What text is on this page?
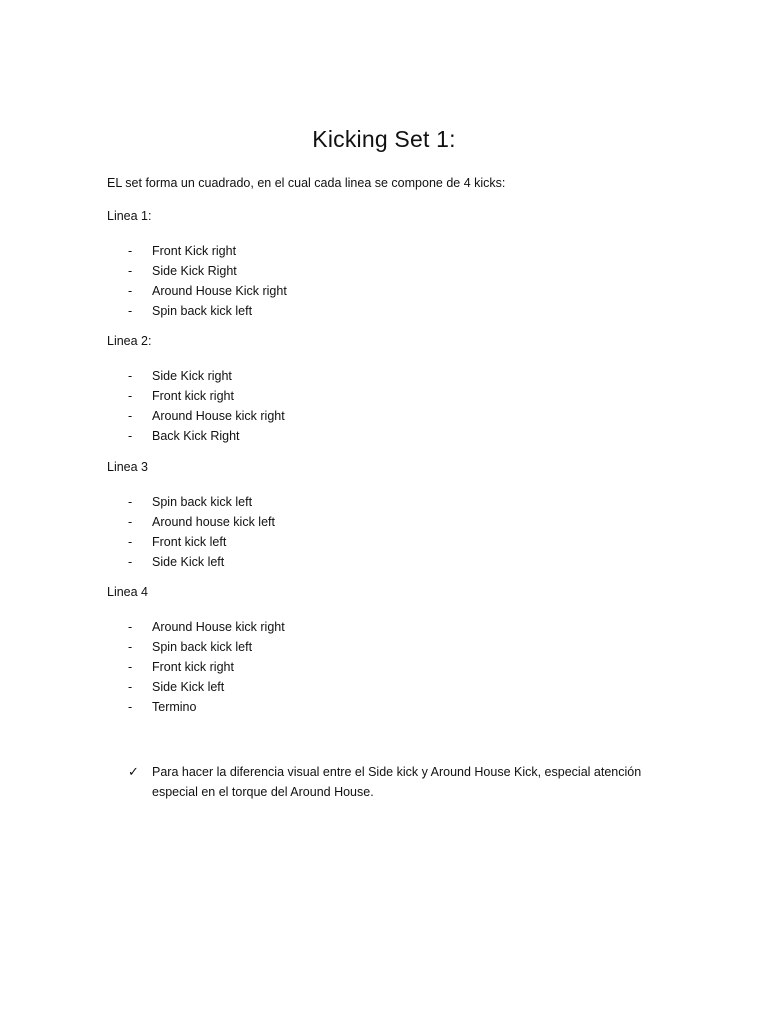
Kicking Set 1:

EL set forma un cuadrado, en el cual cada linea se compone de 4 kicks:

Linea 1:

- Front Kick right
- Side Kick Right
- Around House Kick right
- Spin back kick left

Linea 2:

- Side Kick right
- Front kick right
- Around House kick right
- Back Kick Right

Linea 3

- Spin back kick left
- Around house kick left
- Front kick left
- Side Kick left

Linea 4

- Around House kick right
- Spin back kick left
- Front kick right
- Side Kick left
- Termino
✓ Para hacer la diferencia visual entre el Side kick y Around House Kick, especial atención especial en el torque del Around House.
